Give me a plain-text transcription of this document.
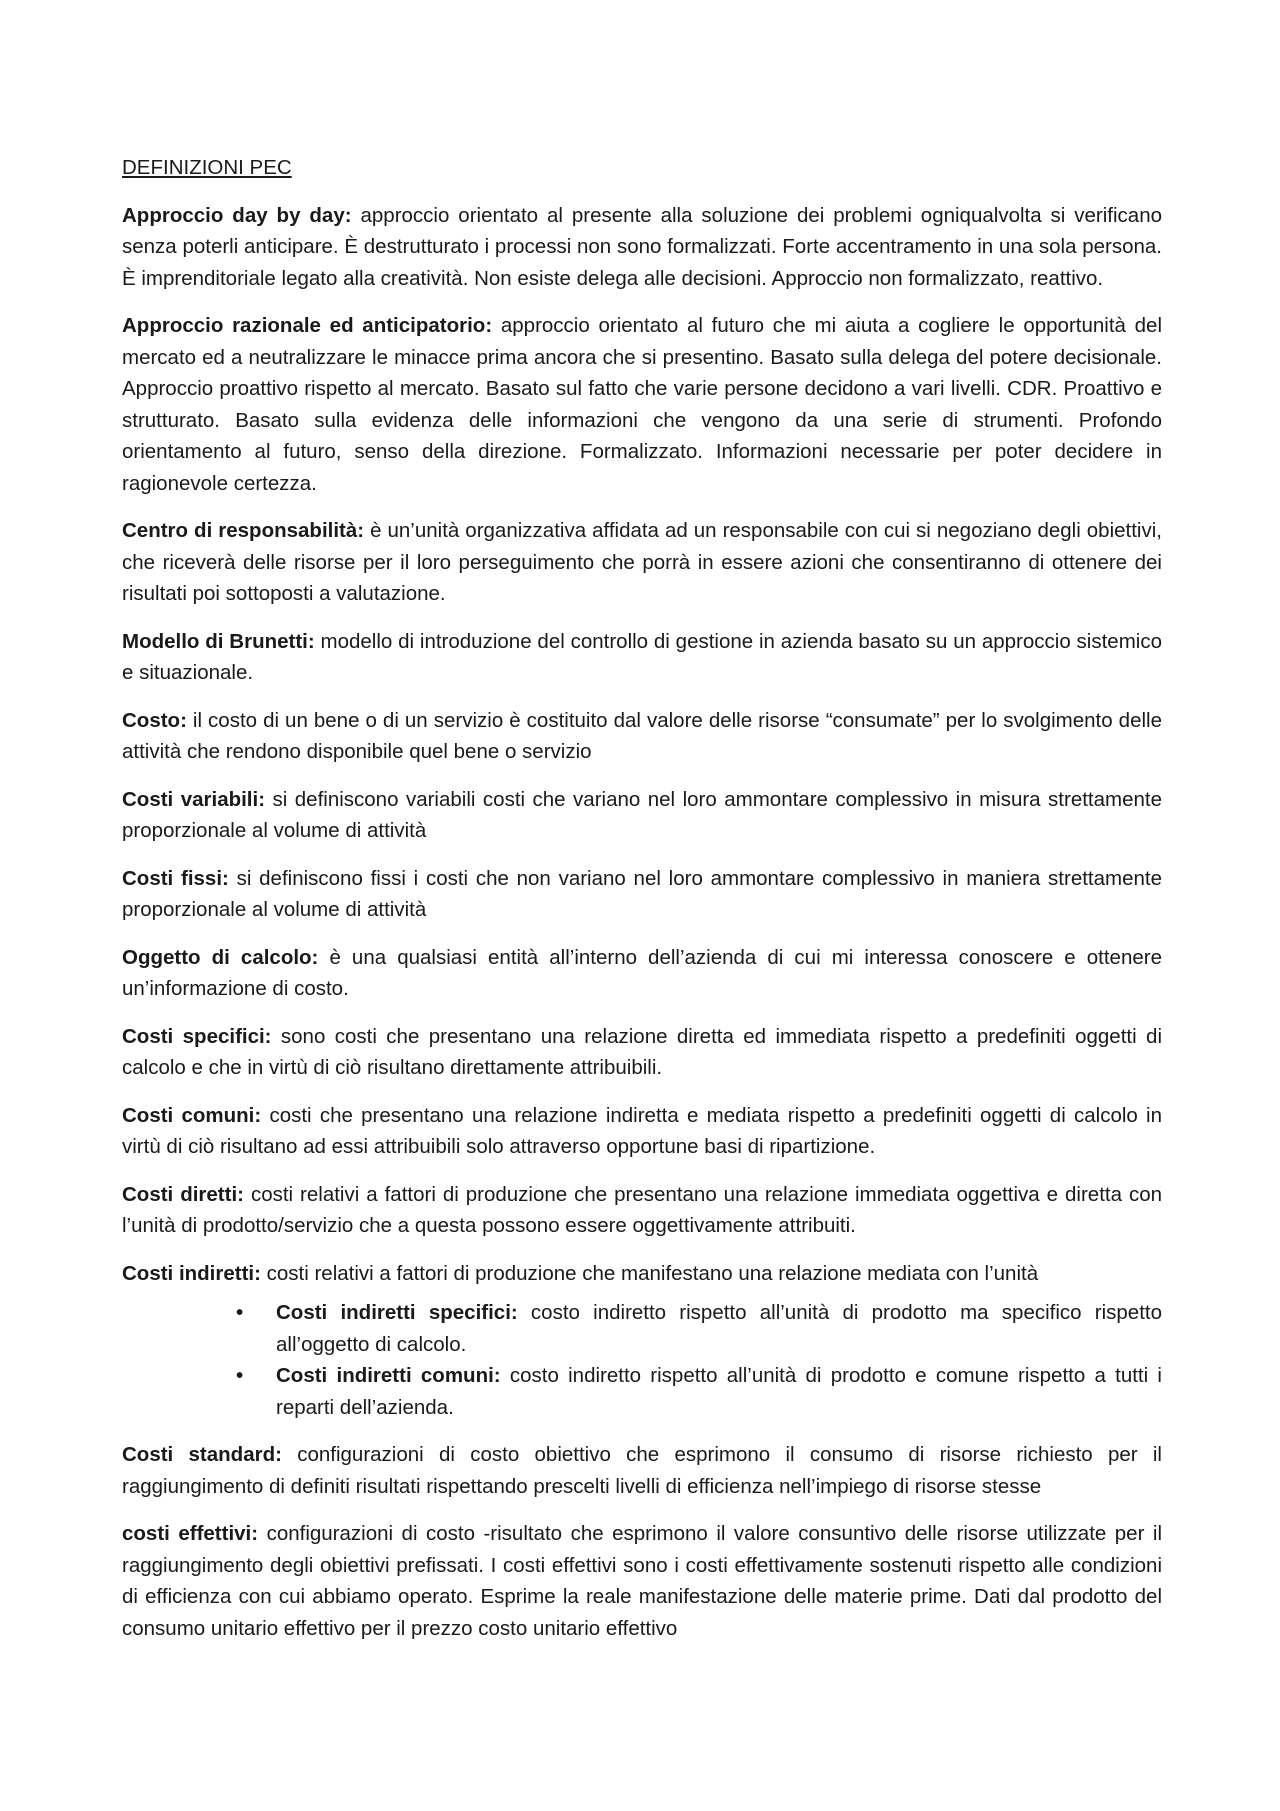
DEFINIZIONI PEC

Approccio day by day: approccio orientato al presente alla soluzione dei problemi ogniqualvolta si verificano senza poterli anticipare. È destrutturato i processi non sono formalizzati. Forte accentramento in una sola persona. È imprenditoriale legato alla creatività. Non esiste delega alle decisioni. Approccio non formalizzato, reattivo.

Approccio razionale ed anticipatorio: approccio orientato al futuro che mi aiuta a cogliere le opportunità del mercato ed a neutralizzare le minacce prima ancora che si presentino. Basato sulla delega del potere decisionale. Approccio proattivo rispetto al mercato. Basato sul fatto che varie persone decidono a vari livelli. CDR. Proattivo e strutturato. Basato sulla evidenza delle informazioni che vengono da una serie di strumenti. Profondo orientamento al futuro, senso della direzione. Formalizzato. Informazioni necessarie per poter decidere in ragionevole certezza.

Centro di responsabilità: è un’unità organizzativa affidata ad un responsabile con cui si negoziano degli obiettivi, che riceverà delle risorse per il loro perseguimento che porrà in essere azioni che consentiranno di ottenere dei risultati poi sottoposti a valutazione.

Modello di Brunetti: modello di introduzione del controllo di gestione in azienda basato su un approccio sistemico e situazionale.

Costo: il costo di un bene o di un servizio è costituito dal valore delle risorse “consumate” per lo svolgimento delle attività che rendono disponibile quel bene o servizio

Costi variabili: si definiscono variabili costi che variano nel loro ammontare complessivo in misura strettamente proporzionale al volume di attività

Costi fissi: si definiscono fissi i costi che non variano nel loro ammontare complessivo in maniera strettamente proporzionale al volume di attività

Oggetto di calcolo: è una qualsiasi entità all’interno dell’azienda di cui mi interessa conoscere e ottenere un’informazione di costo.

Costi specifici: sono costi che presentano una relazione diretta ed immediata rispetto a predefiniti oggetti di calcolo e che in virtù di ciò risultano direttamente attribuibili.

Costi comuni: costi che presentano una relazione indiretta e mediata rispetto a predefiniti oggetti di calcolo in virtù di ciò risultano ad essi attribuibili solo attraverso opportune basi di ripartizione.

Costi diretti: costi relativi a fattori di produzione che presentano una relazione immediata oggettiva e diretta con l’unità di prodotto/servizio che a questa possono essere oggettivamente attribuiti.

Costi indiretti: costi relativi a fattori di produzione che manifestano una relazione mediata con l’unità

• Costi indiretti specifici: costo indiretto rispetto all’unità di prodotto ma specifico rispetto all’oggetto di calcolo.
• Costi indiretti comuni: costo indiretto rispetto all’unità di prodotto e comune rispetto a tutti i reparti dell’azienda.

Costi standard: configurazioni di costo obiettivo che esprimono il consumo di risorse richiesto per il raggiungimento di definiti risultati rispettando prescelti livelli di efficienza nell’impiego di risorse stesse

costi effettivi: configurazioni di costo -risultato che esprimono il valore consuntivo delle risorse utilizzate per il raggiungimento degli obiettivi prefissati. I costi effettivi sono i costi effettivamente sostenuti rispetto alle condizioni di efficienza con cui abbiamo operato. Esprime la reale manifestazione delle materie prime. Dati dal prodotto del consumo unitario effettivo per il prezzo costo unitario effettivo
